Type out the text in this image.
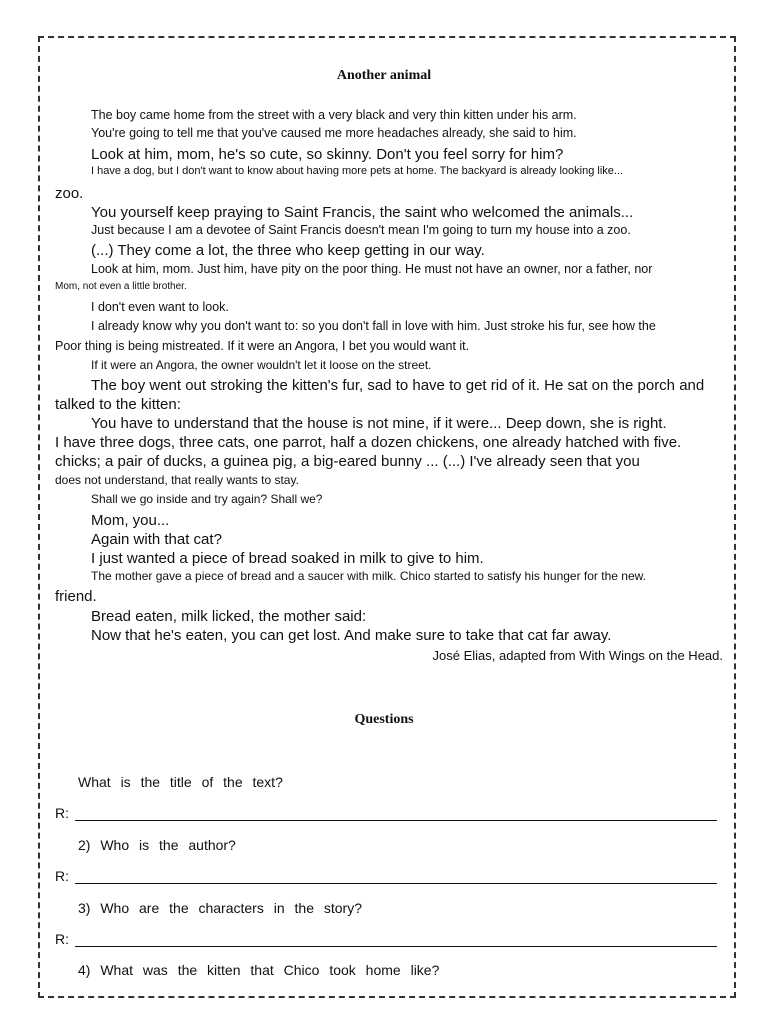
Another animal
The boy came home from the street with a very black and very thin kitten under his arm.
You're going to tell me that you've caused me more headaches already, she said to him.
Look at him, mom, he's so cute, so skinny. Don't you feel sorry for him?
I have a dog, but I don't want to know about having more pets at home. The backyard is already looking like...
zoo.
You yourself keep praying to Saint Francis, the saint who welcomed the animals...
Just because I am a devotee of Saint Francis doesn't mean I'm going to turn my house into a zoo.
(...) They come a lot, the three who keep getting in our way.
Look at him, mom. Just him, have pity on the poor thing. He must not have an owner, nor a father, nor
Mom, not even a little brother.
I don't even want to look.
I already know why you don't want to: so you don't fall in love with him. Just stroke his fur, see how the
Poor thing is being mistreated. If it were an Angora, I bet you would want it.
If it were an Angora, the owner wouldn't let it loose on the street.
The boy went out stroking the kitten's fur, sad to have to get rid of it. He sat on the porch and
talked to the kitten:
You have to understand that the house is not mine, if it were... Deep down, she is right.
I have three dogs, three cats, one parrot, half a dozen chickens, one already hatched with five.
chicks; a pair of ducks, a guinea pig, a big-eared bunny ... (...) I've already seen that you
does not understand, that really wants to stay.
Shall we go inside and try again? Shall we?
Mom, you...
Again with that cat?
I just wanted a piece of bread soaked in milk to give to him.
The mother gave a piece of bread and a saucer with milk. Chico started to satisfy his hunger for the new.
friend.
Bread eaten, milk licked, the mother said:
Now that he's eaten, you can get lost. And make sure to take that cat far away.
José Elias, adapted from With Wings on the Head.
Questions
What is the title of the text?
R:
2) Who is the author?
R:
3) Who are the characters in the story?
R:
4) What was the kitten that Chico took home like?
